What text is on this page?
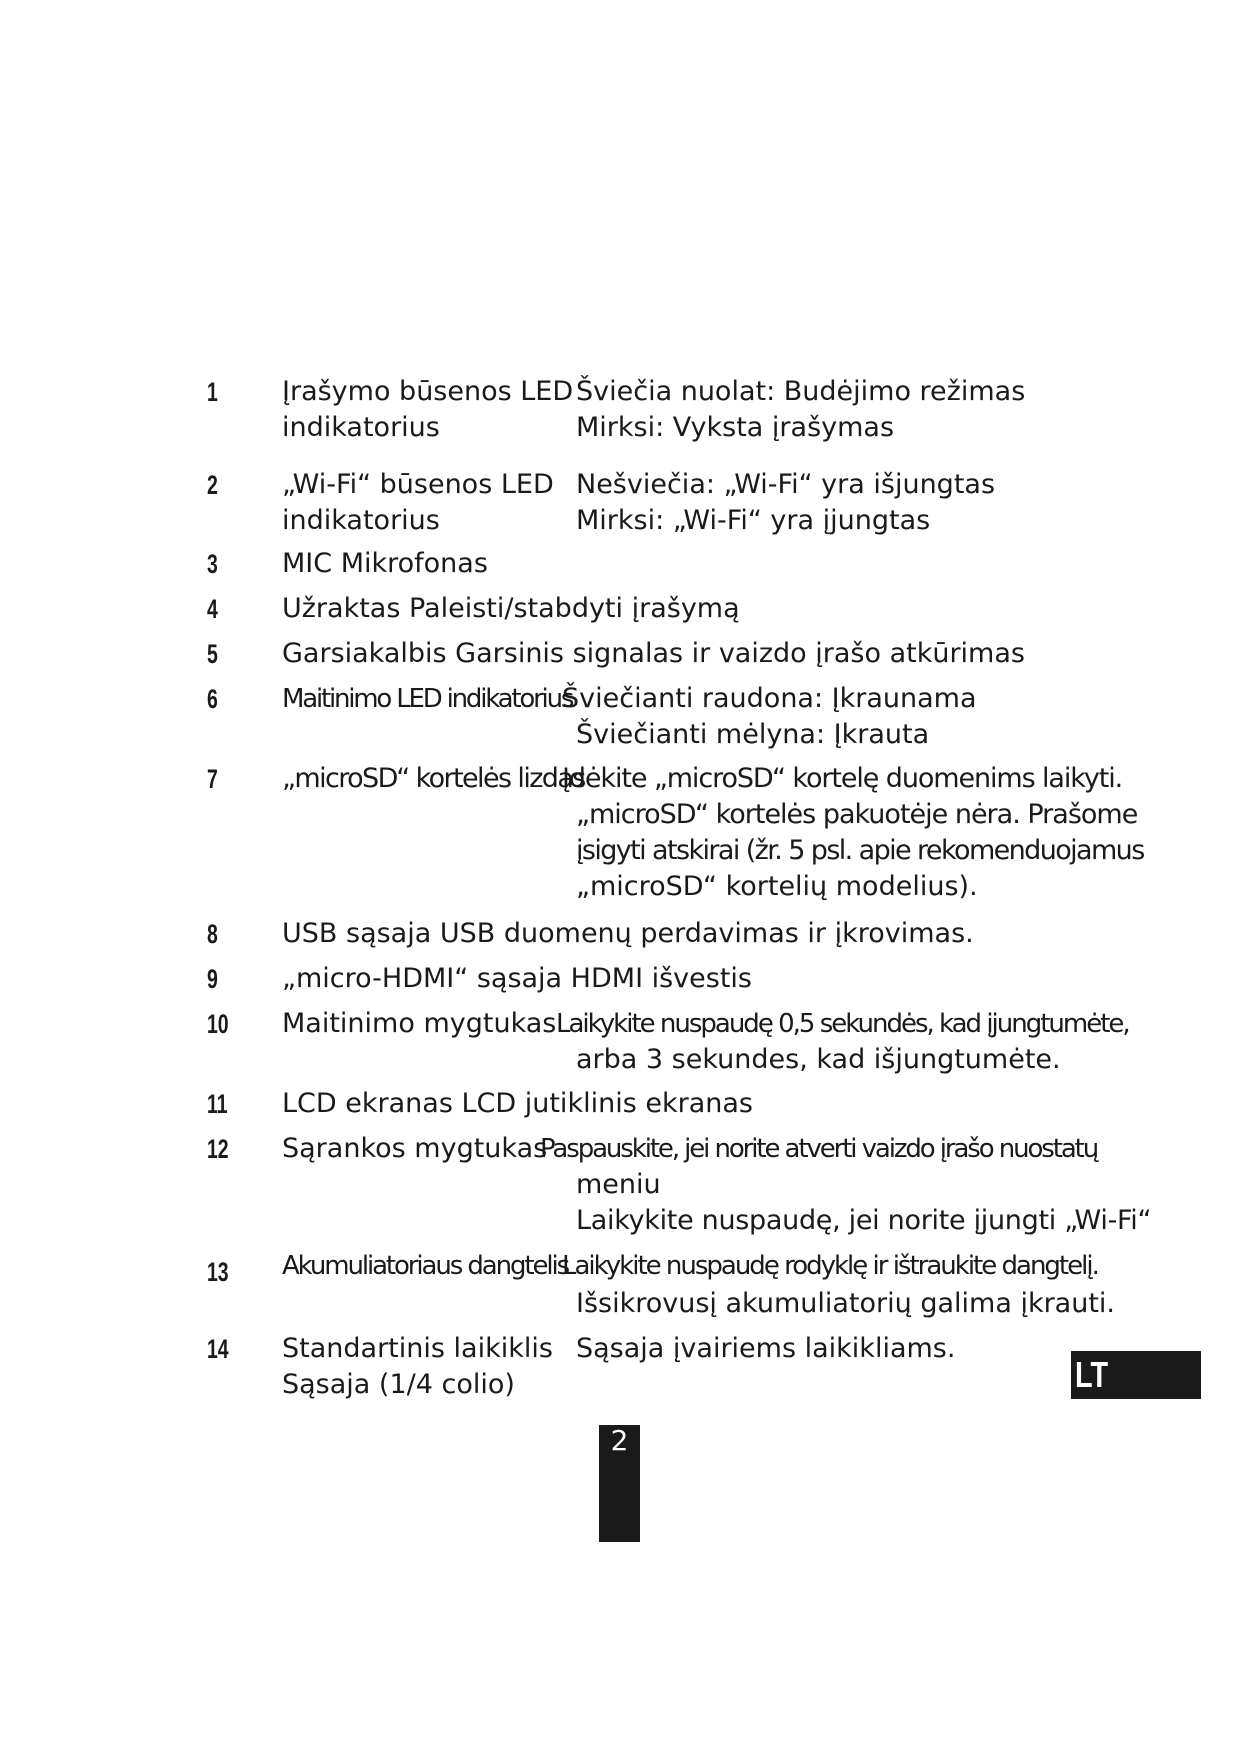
1 Įrašymo būsenos LED
indikatorius
Šviečia nuolat: Budėjimo režimas
Mirksi: Vyksta įrašymas
2 „Wi-Fi“ būsenos LED
indikatorius
Nešviečia: „Wi-Fi“ yra išjungtas
Mirksi: „Wi-Fi“ yra įjungtas
3 MIC Mikrofonas
4 Užraktas Paleisti/stabdyti įrašymą
5 Garsiakalbis Garsinis signalas ir vaizdo įrašo atkūrimas
6 Maitinimo LED indikatorius
Šviečianti raudona: Įkraunama
Šviečianti mėlyna: Įkrauta
7 „microSD“ kortelės lizdas
Įdėkite „microSD“ kortelę duomenims laikyti.
„microSD“ kortelės pakuotėje nėra. Prašome
įsigyti atskirai (žr. 5 psl. apie rekomenduojamus
„microSD“ kortelių modelius).
8 USB sąsaja USB duomenų perdavimas ir įkrovimas.
9 „micro-HDMI“ sąsaja HDMI išvestis
10 Maitinimo mygtukas Laikykite nuspaudę 0,5 sekundės, kad įjungtumėte,
arba 3 sekundes, kad išjungtumėte.
11 LCD ekranas LCD jutiklinis ekranas
12 Sąrankos mygtukas
Paspauskite, jei norite atverti vaizdo įrašo nuostatų
meniu
Laikykite nuspaudę, jei norite įjungti „Wi-Fi“
13 Akumuliatoriaus dangtelis
Laikykite nuspaudę rodyklę ir ištraukite dangtelį.
Išsikrovusį akumuliatorių galima įkrauti.
14 Standartinis laikiklis
Sąsaja (1/4 colio)
Sąsaja įvairiems laikikliams.
LT
2
